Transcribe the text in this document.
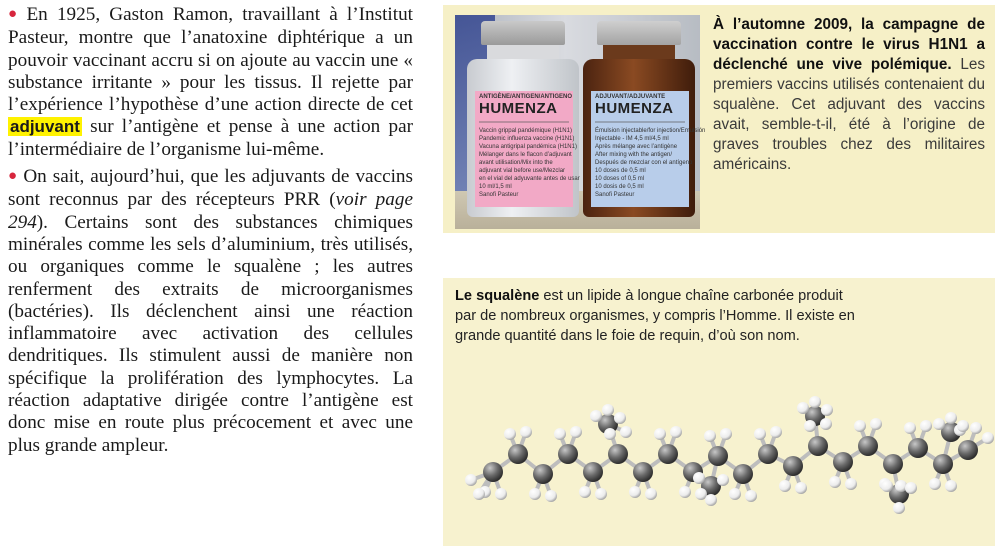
● En 1925, Gaston Ramon, travaillant à l’Institut Pasteur, montre que l’anatoxine diphtérique a un pouvoir vaccinant accru si on ajoute au vaccin une « substance irritante » pour les tissus. Il rejette par l’expérience l’hypothèse d’une action directe de cet adjuvant sur l’antigène et pense à une action par l’intermédiaire de l’organisme lui-même.

● On sait, aujourd’hui, que les adjuvants de vaccins sont reconnus par des récepteurs PRR (voir page 294). Certains sont des substances chimiques minérales comme les sels d’aluminium, très utilisés, ou organiques comme le squalène ; les autres renferment des extraits de microorganismes (bactéries). Ils déclenchent ainsi une réaction inflammatoire avec activation des cellules dendritiques. Ils stimulent aussi de manière non spécifique la prolifération des lymphocytes. La réaction adaptative dirigée contre l’antigène est donc mise en route plus précocement et avec une plus grande ampleur.

ANTIGÈNE/ANTIGEN/ANTIGENO
HUMENZA
Vaccin grippal pandémique (H1N1)
Pandemic influenza vaccine (H1N1)
Vacuna antigripal pandémica (H1N1)
Mélanger dans le flacon d’adjuvant
avant utilisation/Mix into the
adjuvant vial before use/Mezclar
en el vial del adyuvante antes de usar
10 ml/1,5 ml
Sanofi Pasteur
ADJUVANT/ADJUVANTE
HUMENZA
Émulsion injectable/for injection/Emulsión
Injectable - IM 4,5 ml/4,5 ml
Après mélange avec l’antigène
After mixing with the antigen/
Después de mezclar con el antígeno
10 doses de 0,5 ml
10 doses of 0,5 ml
10 dosis de 0,5 ml
Sanofi Pasteur

À l’automne 2009, la campagne de vaccination contre le virus H1N1 a déclenché une vive polémique. Les premiers vaccins utilisés contenaient du squalène. Cet adjuvant des vaccins avait, semble-t-il, été à l’origine de graves troubles chez des militaires américains.

Le squalène est un lipide à longue chaîne carbonée produit par de nombreux organismes, y compris l’Homme. Il existe en grande quantité dans le foie de requin, d’où son nom.
